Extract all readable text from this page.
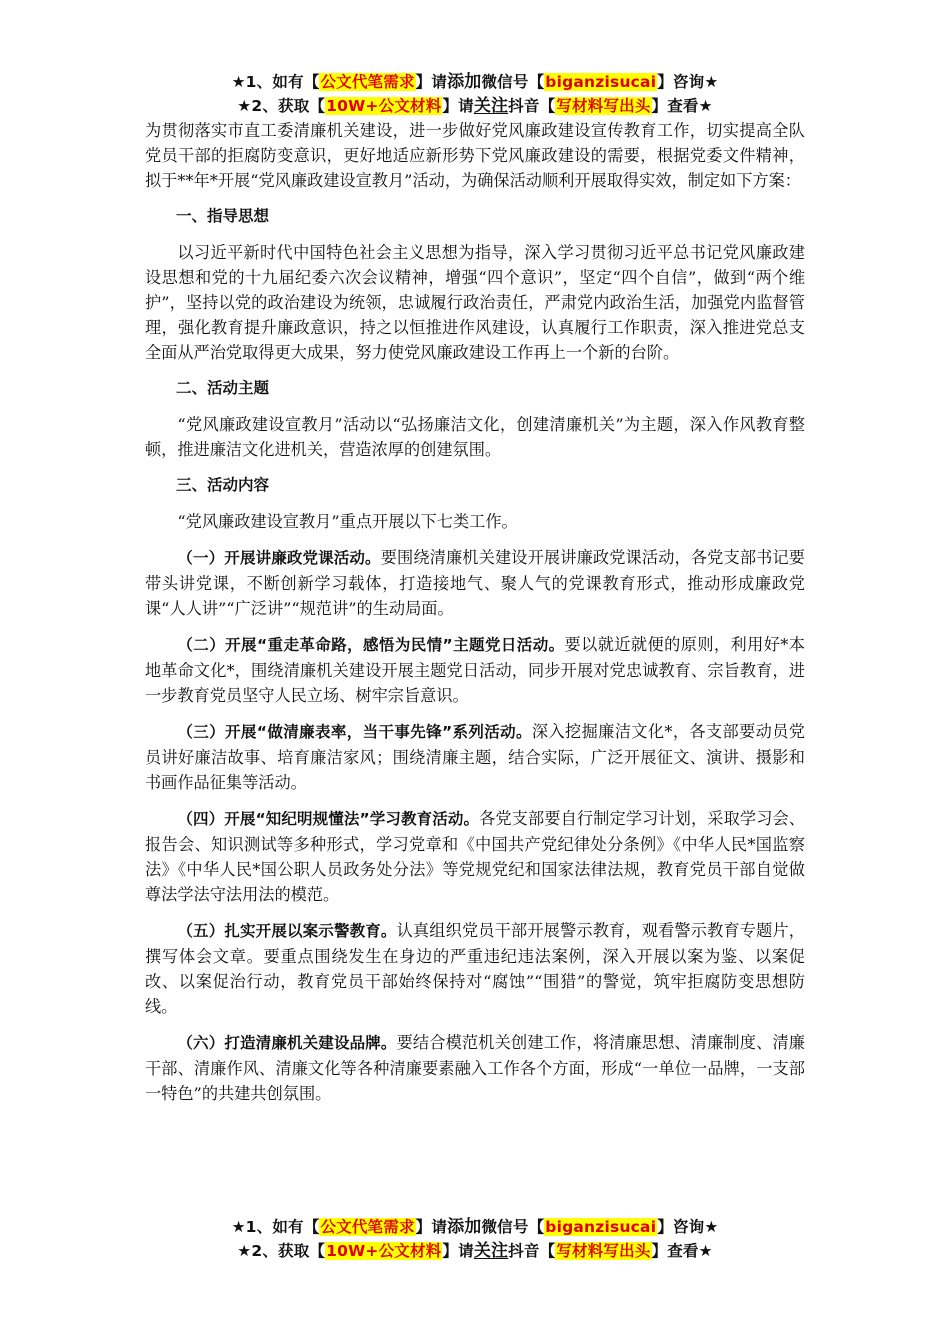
★1、如有【公文代笔需求】请添加微信号【biganzisucai】咨询★
★2、获取【10W+公文材料】请关注抖音【写材料写出头】查看★

为贯彻落实市直工委清廉机关建设，进一步做好党风廉政建设宣传教育工作，切实提高全队党员干部的拒腐防变意识，更好地适应新形势下党风廉政建设的需要，根据党委文件精神，拟于**年*开展“党风廉政建设宣教月”活动，为确保活动顺利开展取得实效，制定如下方案：

一、指导思想

以习近平新时代中国特色社会主义思想为指导，深入学习贯彻习近平总书记党风廉政建设思想和党的十九届纪委六次会议精神，增强“四个意识”，坚定“四个自信”，做到“两个维护”，坚持以党的政治建设为统领，忠诚履行政治责任，严肃党内政治生活，加强党内监督管理，强化教育提升廉政意识，持之以恒推进作风建设，认真履行工作职责，深入推进党总支全面从严治党取得更大成果，努力使党风廉政建设工作再上一个新的台阶。

二、活动主题

“党风廉政建设宣教月”活动以“弘扬廉洁文化，创建清廉机关”为主题，深入作风教育整顿，推进廉洁文化进机关，营造浓厚的创建氛围。

三、活动内容

“党风廉政建设宣教月”重点开展以下七类工作。

（一）开展讲廉政党课活动。要围绕清廉机关建设开展讲廉政党课活动，各党支部书记要带头讲党课，不断创新学习载体，打造接地气、聚人气的党课教育形式，推动形成廉政党课“人人讲”“广泛讲”“规范讲”的生动局面。

（二）开展“重走革命路，感悟为民情”主题党日活动。要以就近就便的原则，利用好*本地革命文化*，围绕清廉机关建设开展主题党日活动，同步开展对党忠诚教育、宗旨教育，进一步教育党员坚守人民立场、树牢宗旨意识。

（三）开展“做清廉表率，当干事先锋”系列活动。深入挖掘廉洁文化*，各支部要动员党员讲好廉洁故事、培育廉洁家风；围绕清廉主题，结合实际，广泛开展征文、演讲、摄影和书画作品征集等活动。

（四）开展“知纪明规懂法”学习教育活动。各党支部要自行制定学习计划，采取学习会、报告会、知识测试等多种形式，学习党章和《中国共产党纪律处分条例》《中华人民*国监察法》《中华人民*国公职人员政务处分法》等党规党纪和国家法律法规，教育党员干部自觉做尊法学法守法用法的模范。

（五）扎实开展以案示警教育。认真组织党员干部开展警示教育，观看警示教育专题片，撰写体会文章。要重点围绕发生在身边的严重违纪违法案例，深入开展以案为鉴、以案促改、以案促治行动，教育党员干部始终保持对“腐蚀”“围猎”的警觉，筑牢拒腐防变思想防线。

（六）打造清廉机关建设品牌。要结合模范机关创建工作，将清廉思想、清廉制度、清廉干部、清廉作风、清廉文化等各种清廉要素融入工作各个方面，形成“一单位一品牌，一支部一特色”的共建共创氛围。

★1、如有【公文代笔需求】请添加微信号【biganzisucai】咨询★
★2、获取【10W+公文材料】请关注抖音【写材料写出头】查看★
